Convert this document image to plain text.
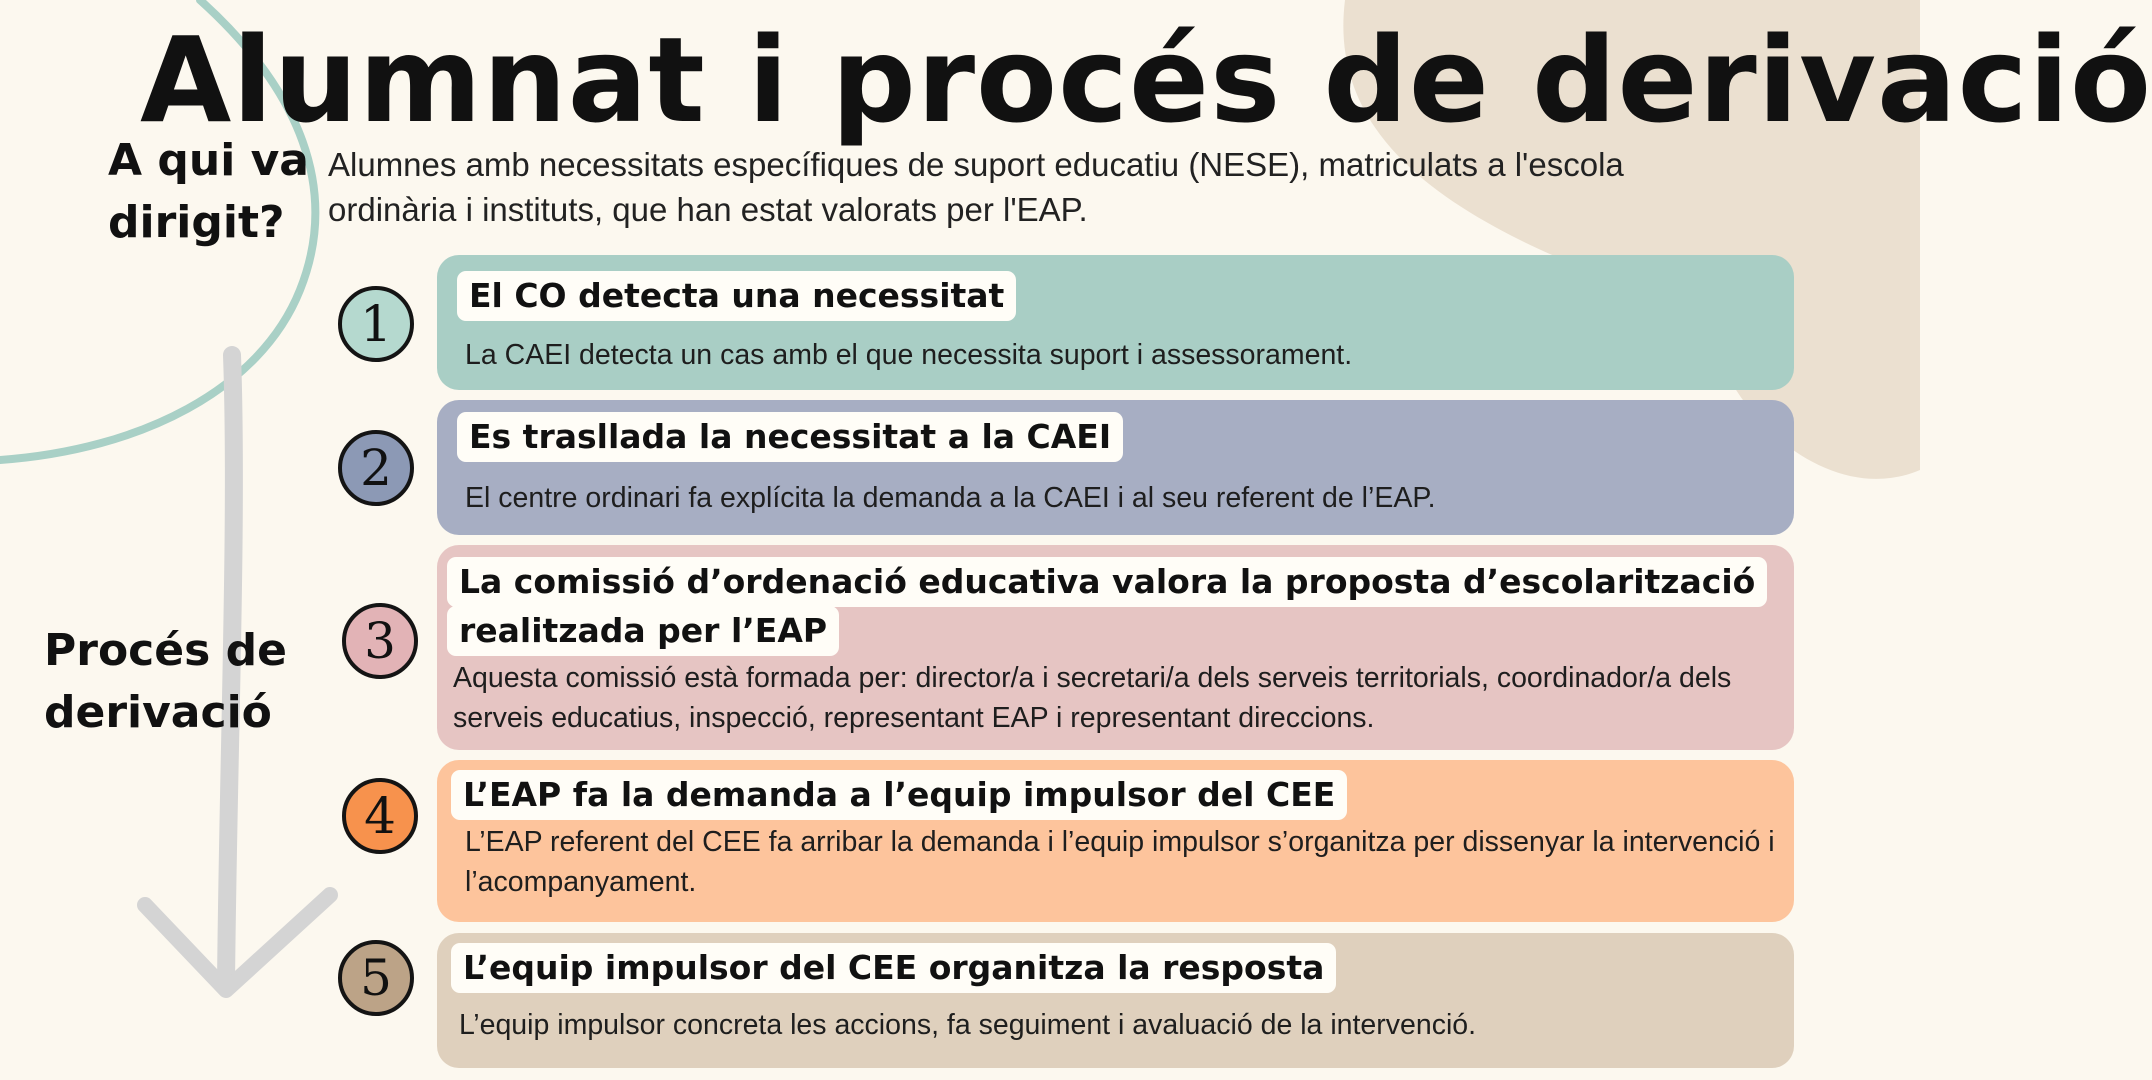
Alumnat i procés de derivació
A qui va dirigit?
Alumnes amb necessitats específiques de suport educatiu (NESE), matriculats a l'escola ordinària i instituts, que han estat valorats per l'EAP.
Procés de derivació
El CO detecta una necessitat
La CAEI detecta un cas amb el que necessita suport i assessorament.
1
Es trasllada la necessitat a la CAEI
El centre ordinari fa explícita la demanda a la CAEI i al seu referent de l’EAP.
2
La comissió d’ordenació educativa valora la proposta d’escolarització
realitzada per l’EAP
Aquesta comissió està formada per: director/a i secretari/a dels serveis territorials, coordinador/a dels serveis educatius, inspecció, representant EAP i representant direccions.
3
L’EAP fa la demanda a l’equip impulsor del CEE
L’EAP referent del CEE fa arribar la demanda i l’equip impulsor s’organitza per dissenyar la intervenció i l’acompanyament.
4
L’equip impulsor del CEE organitza la resposta
L’equip impulsor concreta les accions, fa seguiment i avaluació de la intervenció.
5
